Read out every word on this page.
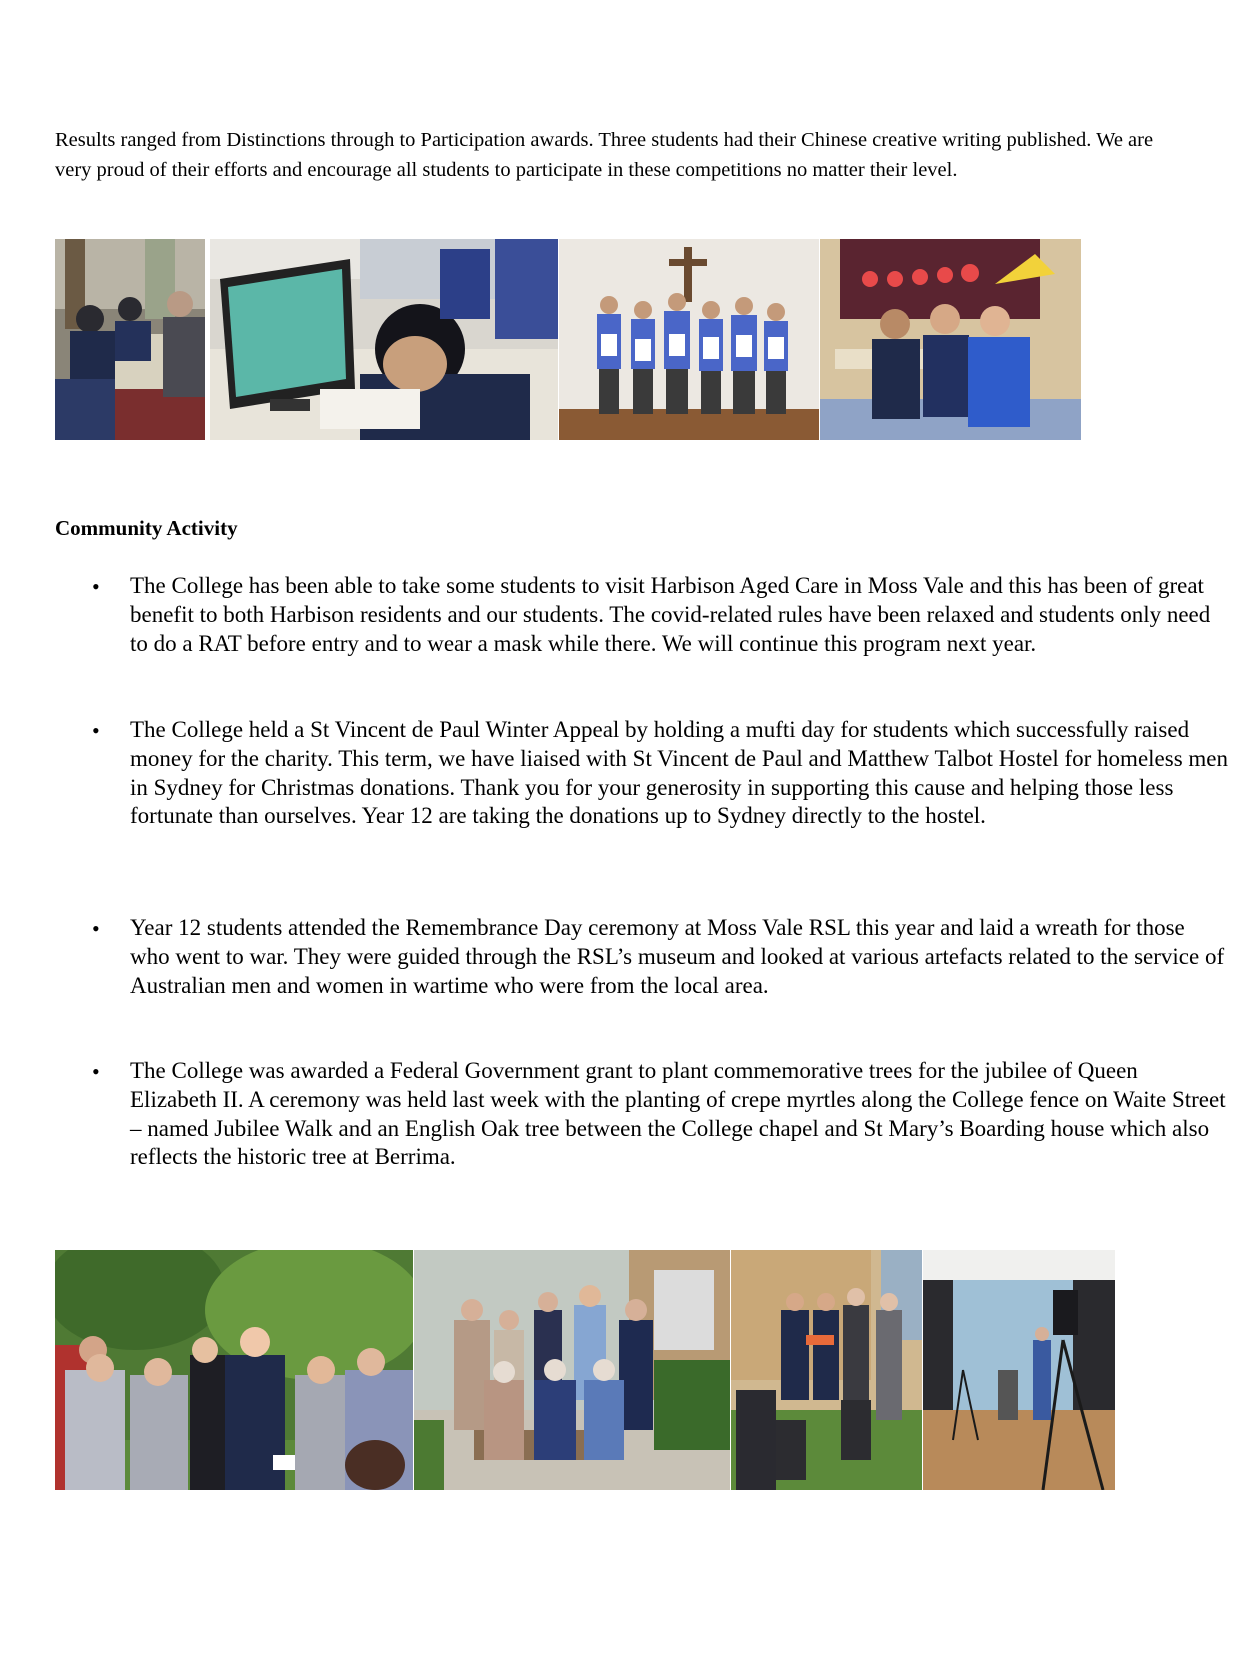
Results ranged from Distinctions through to Participation awards. Three students had their Chinese creative writing published. We are very proud of their efforts and encourage all students to participate in these competitions no matter their level.

Community Activity
• The College has been able to take some students to visit Harbison Aged Care in Moss Vale and this has been of great benefit to both Harbison residents and our students. The covid-related rules have been relaxed and students only need to do a RAT before entry and to wear a mask while there. We will continue this program next year.

• The College held a St Vincent de Paul Winter Appeal by holding a mufti day for students which successfully raised money for the charity. This term, we have liaised with St Vincent de Paul and Matthew Talbot Hostel for homeless men in Sydney for Christmas donations. Thank you for your generosity in supporting this cause and helping those less fortunate than ourselves. Year 12 are taking the donations up to Sydney directly to the hostel.

• Year 12 students attended the Remembrance Day ceremony at Moss Vale RSL this year and laid a wreath for those who went to war. They were guided through the RSL’s museum and looked at various artefacts related to the service of Australian men and women in wartime who were from the local area.

• The College was awarded a Federal Government grant to plant commemorative trees for the jubilee of Queen Elizabeth II. A ceremony was held last week with the planting of crepe myrtles along the College fence on Waite Street – named Jubilee Walk and an English Oak tree between the College chapel and St Mary’s Boarding house which also reflects the historic tree at Berrima.
